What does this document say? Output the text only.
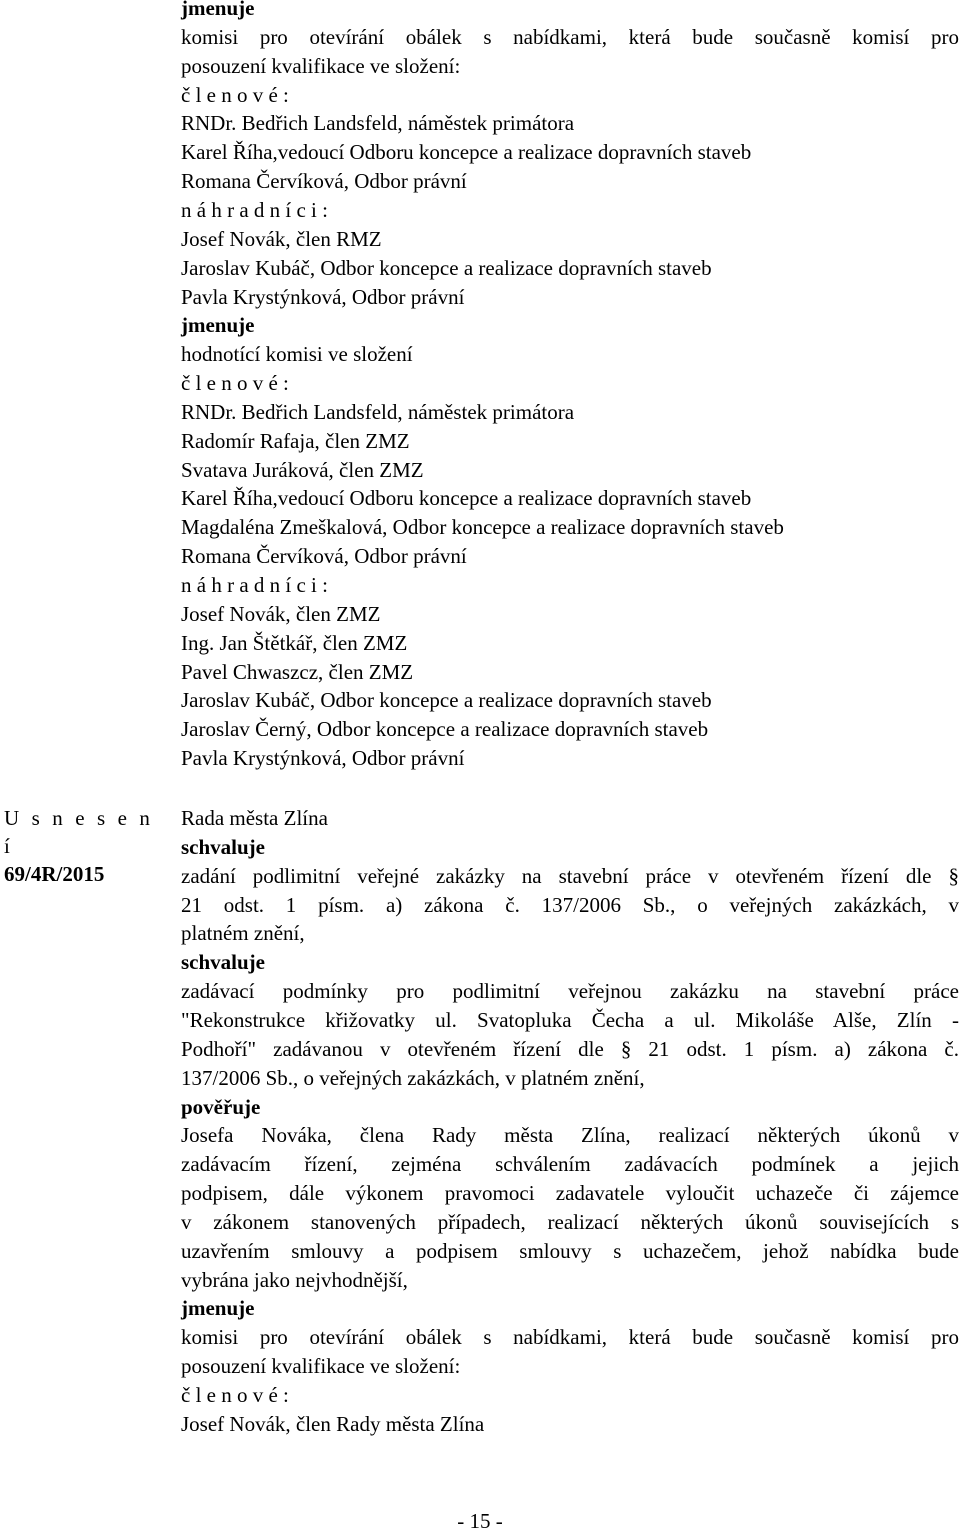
jmenuje
komisi pro otevírání obálek s nabídkami, která bude současně komisí pro
posouzení kvalifikace ve složení:
č l e n o v é :
RNDr. Bedřich Landsfeld, náměstek primátora
Karel Říha,vedoucí Odboru koncepce a realizace dopravních staveb
Romana Červíková, Odbor právní
n á h r a d n í c i :
Josef Novák, člen RMZ
Jaroslav Kubáč, Odbor koncepce a realizace dopravních staveb
Pavla Krystýnková, Odbor právní
jmenuje
hodnotící komisi ve složení
č l e n o v é :
RNDr. Bedřich Landsfeld, náměstek primátora
Radomír Rafaja, člen ZMZ
Svatava Juráková, člen ZMZ
Karel Říha,vedoucí Odboru koncepce a realizace dopravních staveb
Magdaléna Zmeškalová, Odbor koncepce a realizace dopravních staveb
Romana Červíková, Odbor právní
n á h r a d n í c i :
Josef Novák, člen ZMZ
Ing. Jan Štětkář, člen ZMZ
Pavel Chwaszcz, člen ZMZ
Jaroslav Kubáč, Odbor koncepce a realizace dopravních staveb
Jaroslav Černý, Odbor koncepce a realizace dopravních staveb
Pavla Krystýnková, Odbor právní
U s n e s e n í
69/4R/2015
Rada města Zlína
schvaluje
zadání podlimitní veřejné zakázky na stavební práce v otevřeném řízení dle §
21 odst. 1 písm. a) zákona č. 137/2006 Sb., o veřejných zakázkách, v
platném znění,
schvaluje
zadávací podmínky pro podlimitní veřejnou zakázku na stavební práce
"Rekonstrukce křižovatky ul. Svatopluka Čecha a ul. Mikoláše Alše, Zlín -
Podhoří" zadávanou v otevřeném řízení dle § 21 odst. 1 písm. a) zákona č.
137/2006 Sb., o veřejných zakázkách, v platném znění,
pověřuje
Josefa Nováka, člena Rady města Zlína, realizací některých úkonů v
zadávacím řízení, zejména schválením zadávacích podmínek a jejich
podpisem, dále výkonem pravomoci zadavatele vyloučit uchazeče či zájemce
v zákonem stanovených případech, realizací některých úkonů souvisejících s
uzavřením smlouvy a podpisem smlouvy s uchazečem, jehož nabídka bude
vybrána jako nejvhodnější,
jmenuje
komisi pro otevírání obálek s nabídkami, která bude současně komisí pro
posouzení kvalifikace ve složení:
č l e n o v é :
Josef Novák, člen Rady města Zlína
- 15 -
